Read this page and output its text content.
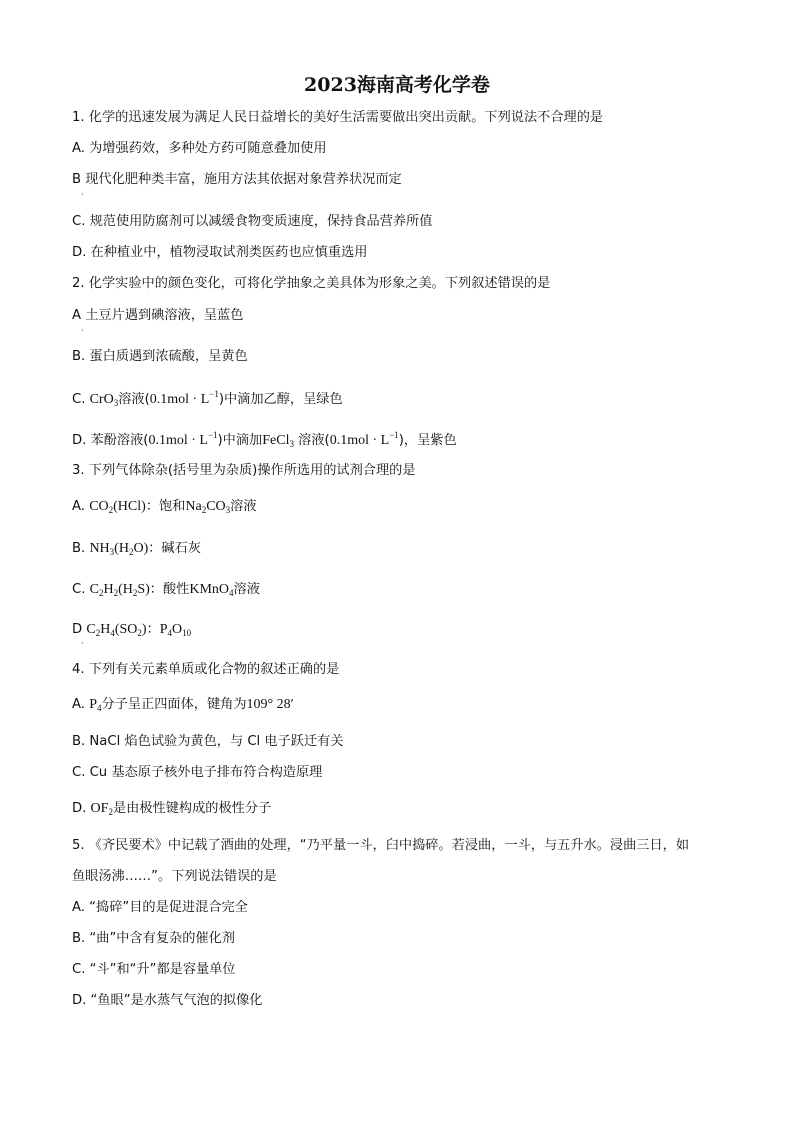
2023海南高考化学卷
1. 化学的迅速发展为满足人民日益增长的美好生活需要做出突出贡献。下列说法不合理的是
A. 为增强药效，多种处方药可随意叠加使用
B 现代化肥种类丰富，施用方法其依据对象营养状况而定
·
C. 规范使用防腐剂可以减缓食物变质速度，保持食品营养所值
D. 在种植业中，植物浸取试剂类医药也应慎重选用
2. 化学实验中的颜色变化，可将化学抽象之美具体为形象之美。下列叙述错误的是
A 土豆片遇到碘溶液，呈蓝色
·
B. 蛋白质遇到浓硫酸，呈黄色
C. CrO$_3$溶液$(0.1mol \cdot L^{-1})$中滴加乙醇，呈绿色
D. 苯酚溶液$(0.1mol \cdot L^{-1})$中滴加FeCl$_3$ 溶液$(0.1mol \cdot L^{-1})$，呈紫色
3. 下列气体除杂(括号里为杂质)操作所选用的试剂合理的是
A. $CO_2(HCl)$：饱和$Na_2CO_3$溶液
B. $NH_3(H_2O)$：碱石灰
C. $C_2H_2(H_2S)$：酸性KMnO$_4$溶液
D $C_2H_4(SO_2)$：$P_4O_{10}$
·
4. 下列有关元素单质或化合物的叙述正确的是
A. $P_4$分子呈正四面体，键角为109° 28′
B. NaCl 焰色试验为黄色，与 Cl 电子跃迁有关
C. Cu 基态原子核外电子排布符合构造原理
D. $OF_2$是由极性键构成的极性分子
5. 《齐民要术》中记载了酒曲的处理，“乃平量一斗，臼中捣碎。若浸曲，一斗，与五升水。浸曲三日，如
鱼眼汤沸……”。下列说法错误的是
A. “捣碎”目的是促进混合完全
B. “曲”中含有复杂的催化剂
C. “斗”和“升”都是容量单位
D. “鱼眼”是水蒸气气泡的拟像化
